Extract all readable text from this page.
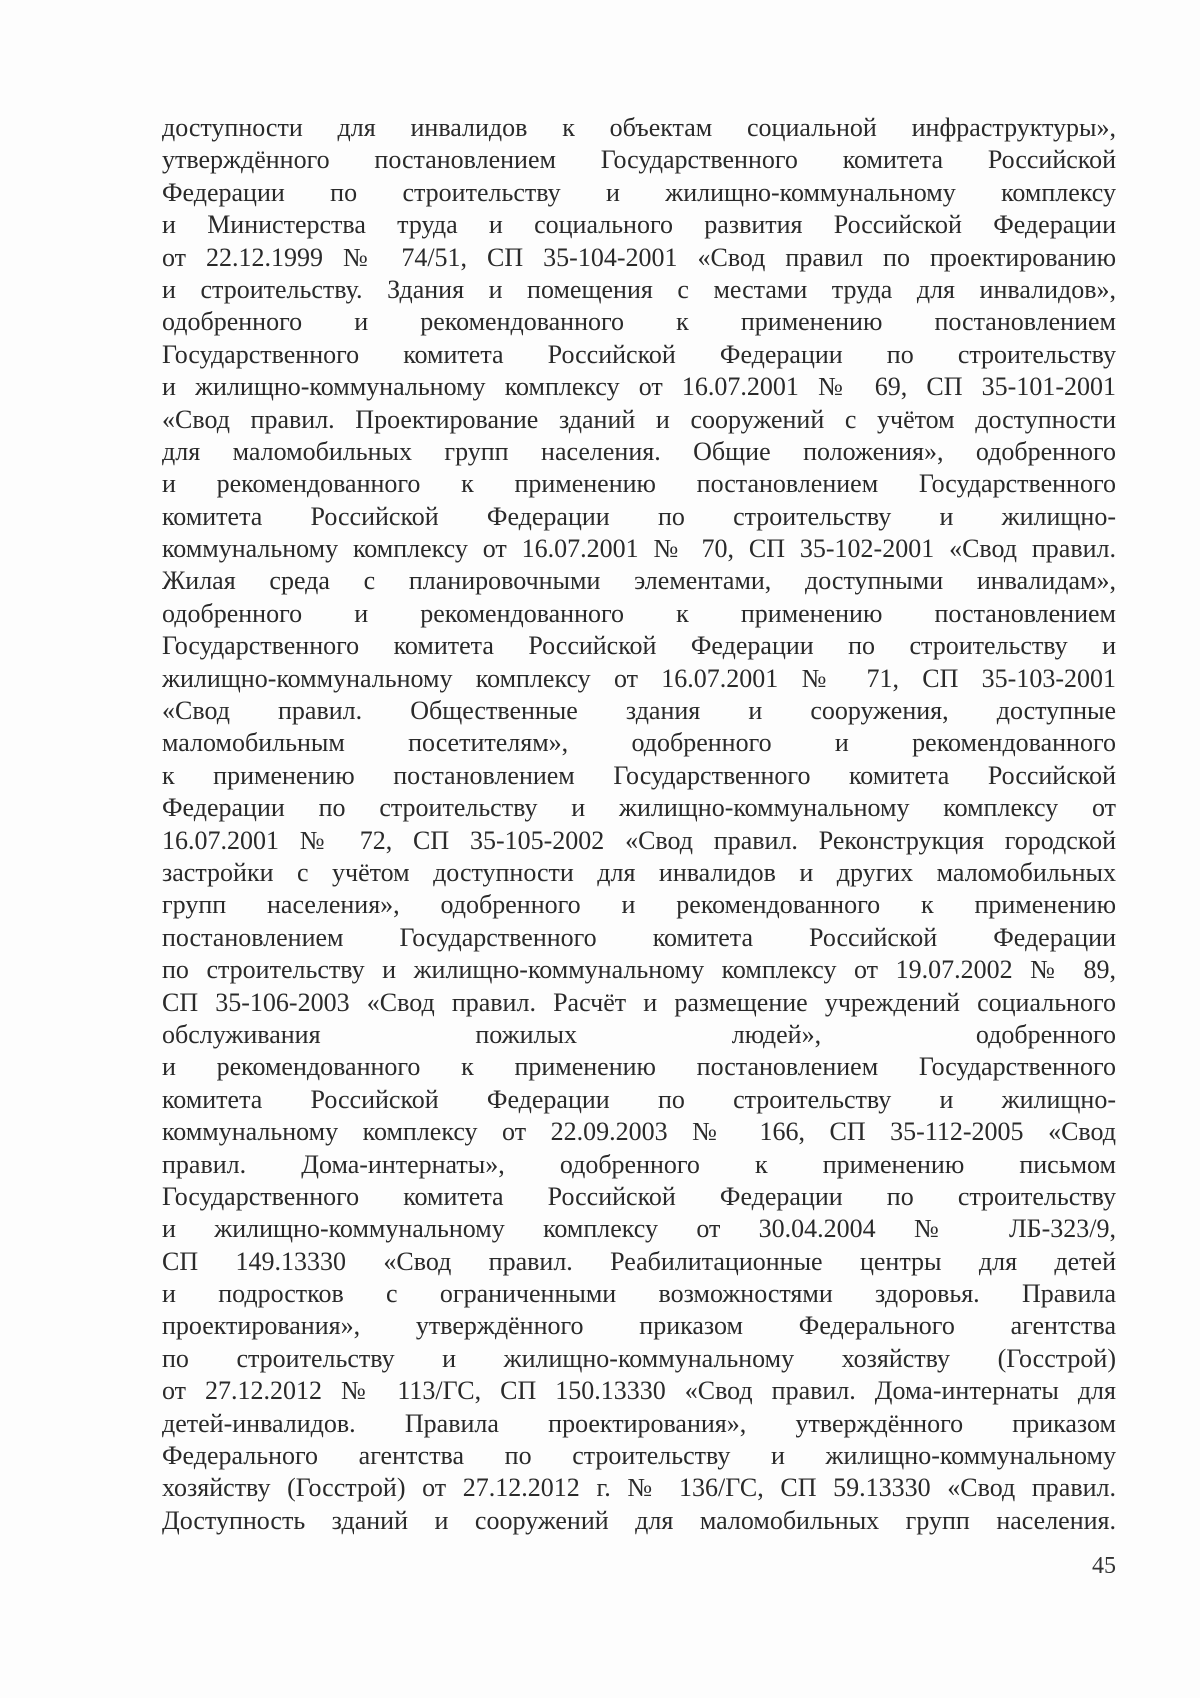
доступности для инвалидов к объектам социальной инфраструктуры»,
утверждённого постановлением Государственного комитета Российской
Федерации по строительству и жилищно-коммунальному комплексу
и Министерства труда и социального развития Российской Федерации
от 22.12.1999 № 74/51, СП 35-104-2001 «Свод правил по проектированию
и строительству. Здания и помещения с местами труда для инвалидов»,
одобренного и рекомендованного к применению постановлением
Государственного комитета Российской Федерации по строительству
и жилищно-коммунальному комплексу от 16.07.2001 № 69, СП 35-101-2001
«Свод правил. Проектирование зданий и сооружений с учётом доступности
для маломобильных групп населения. Общие положения», одобренного
и рекомендованного к применению постановлением Государственного
комитета Российской Федерации по строительству и жилищно-
коммунальному комплексу от 16.07.2001 № 70, СП 35-102-2001 «Свод правил.
Жилая среда с планировочными элементами, доступными инвалидам»,
одобренного и рекомендованного к применению постановлением
Государственного комитета Российской Федерации по строительству и
жилищно-коммунальному комплексу от 16.07.2001 № 71, СП 35-103-2001
«Свод правил. Общественные здания и сооружения, доступные
маломобильным посетителям», одобренного и рекомендованного
к применению постановлением Государственного комитета Российской
Федерации по строительству и жилищно-коммунальному комплексу от
16.07.2001 № 72, СП 35-105-2002 «Свод правил. Реконструкция городской
застройки с учётом доступности для инвалидов и других маломобильных
групп населения», одобренного и рекомендованного к применению
постановлением Государственного комитета Российской Федерации
по строительству и жилищно-коммунальному комплексу от 19.07.2002 № 89,
СП 35-106-2003 «Свод правил. Расчёт и размещение учреждений социального
обслуживания пожилых людей», одобренного
и рекомендованного к применению постановлением Государственного
комитета Российской Федерации по строительству и жилищно-
коммунальному комплексу от 22.09.2003 № 166, СП 35-112-2005 «Свод
правил. Дома-интернаты», одобренного к применению письмом
Государственного комитета Российской Федерации по строительству
и жилищно-коммунальному комплексу от 30.04.2004 № ЛБ-323/9,
СП 149.13330 «Свод правил. Реабилитационные центры для детей
и подростков с ограниченными возможностями здоровья. Правила
проектирования», утверждённого приказом Федерального агентства
по строительству и жилищно-коммунальному хозяйству (Госстрой)
от 27.12.2012 № 113/ГС, СП 150.13330 «Свод правил. Дома-интернаты для
детей-инвалидов. Правила проектирования», утверждённого приказом
Федерального агентства по строительству и жилищно-коммунальному
хозяйству (Госстрой) от 27.12.2012 г. № 136/ГС, СП 59.13330 «Свод правил.
Доступность зданий и сооружений для маломобильных групп населения.
45
